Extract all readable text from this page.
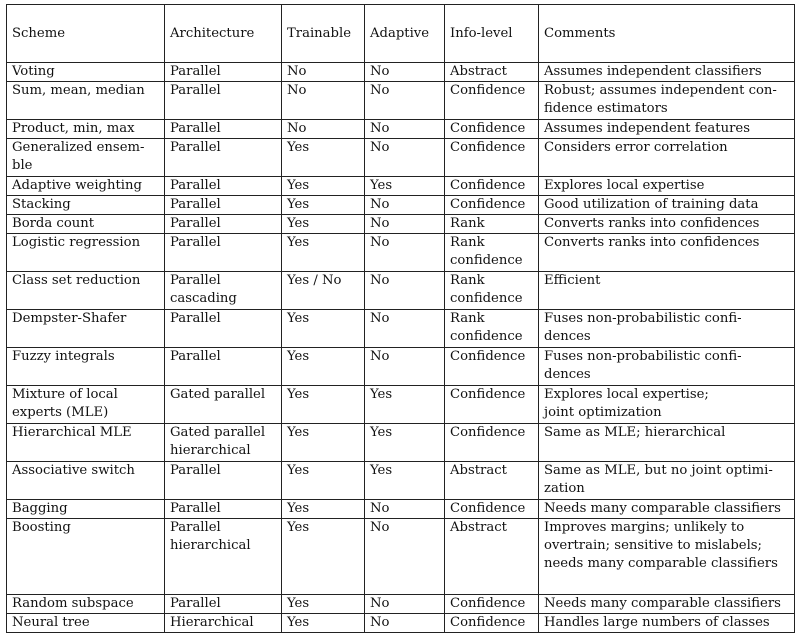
Scheme	Architecture	Trainable	Adaptive	Info-level	Comments

Voting	Parallel	No	No	Abstract	Assumes independent classifiers

Sum, mean, median	Parallel	No	No	Confidence	Robust; assumes independent con-
fidence estimators

Product, min, max	Parallel	No	No	Confidence	Assumes independent features

Generalized ensem-
ble	Parallel	Yes	No	Confidence	Considers error correlation

Adaptive weighting	Parallel	Yes	Yes	Confidence	Explores local expertise

Stacking	Parallel	Yes	No	Confidence	Good utilization of training data

Borda count	Parallel	Yes	No	Rank	Converts ranks into confidences

Logistic regression	Parallel	Yes	No	Rank
confidence	Converts ranks into confidences

Class set reduction	Parallel
cascading	Yes / No	No	Rank
confidence	Efficient

Dempster-Shafer	Parallel	Yes	No	Rank
confidence	Fuses non-probabilistic confi-
dences

Fuzzy integrals	Parallel	Yes	No	Confidence	Fuses non-probabilistic confi-
dences

Mixture of local
experts (MLE)	Gated parallel	Yes	Yes	Confidence	Explores local expertise;
joint optimization

Hierarchical MLE	Gated parallel
hierarchical	Yes	Yes	Confidence	Same as MLE; hierarchical

Associative switch	Parallel	Yes	Yes	Abstract	Same as MLE, but no joint optimi-
zation

Bagging	Parallel	Yes	No	Confidence	Needs many comparable classifiers

Boosting	Parallel
hierarchical	Yes	No	Abstract	Improves margins; unlikely to
overtrain; sensitive to mislabels;
needs many comparable classifiers

Random subspace	Parallel	Yes	No	Confidence	Needs many comparable classifiers

Neural tree	Hierarchical	Yes	No	Confidence	Handles large numbers of classes
